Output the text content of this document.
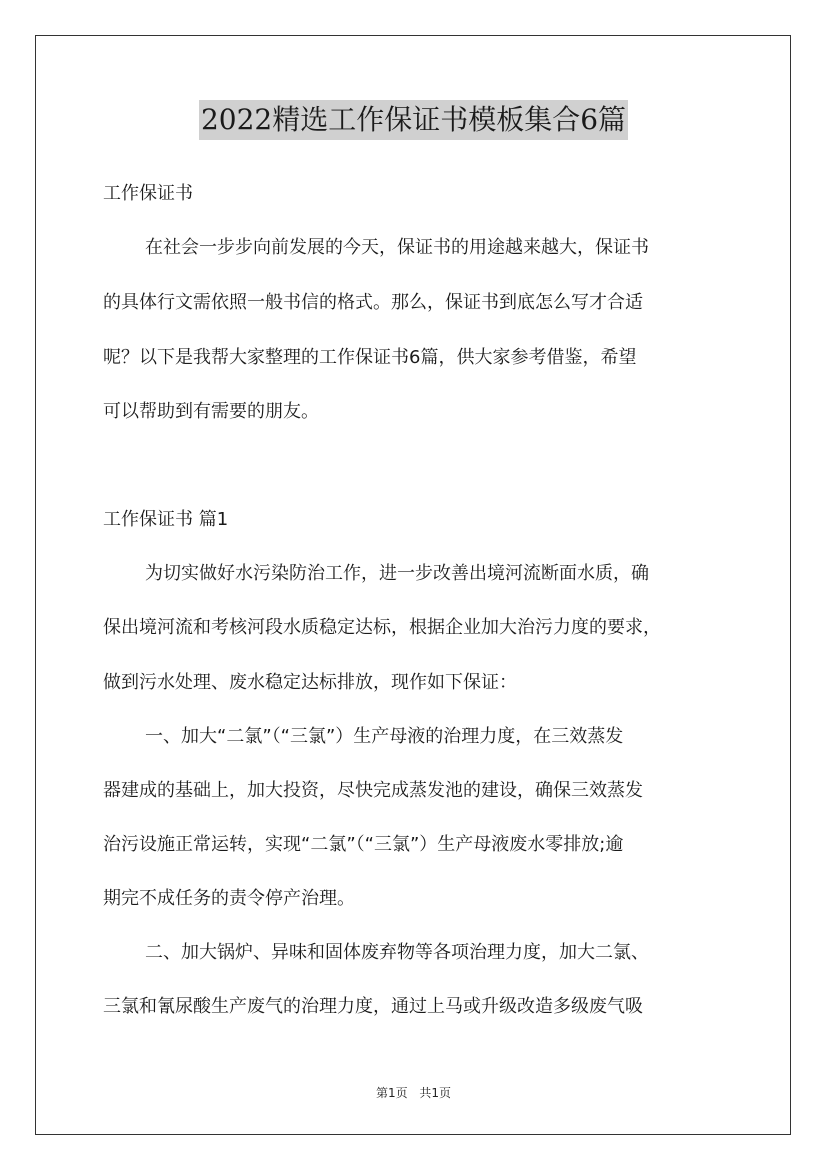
2022精选工作保证书模板集合6篇
工作保证书
在社会一步步向前发展的今天，保证书的用途越来越大，保证书
的具体行文需依照一般书信的格式。那么，保证书到底怎么写才合适
呢？以下是我帮大家整理的工作保证书6篇，供大家参考借鉴，希望
可以帮助到有需要的朋友。
工作保证书 篇1
为切实做好水污染防治工作，进一步改善出境河流断面水质，确
保出境河流和考核河段水质稳定达标，根据企业加大治污力度的要求，
做到污水处理、废水稳定达标排放，现作如下保证：
一、加大“二氯”（“三氯”）生产母液的治理力度，在三效蒸发
器建成的基础上，加大投资，尽快完成蒸发池的建设，确保三效蒸发
治污设施正常运转，实现“二氯”（“三氯”）生产母液废水零排放;逾
期完不成任务的责令停产治理。
二、加大锅炉、异味和固体废弃物等各项治理力度，加大二氯、
三氯和氰尿酸生产废气的治理力度，通过上马或升级改造多级废气吸
第1页 共1页
